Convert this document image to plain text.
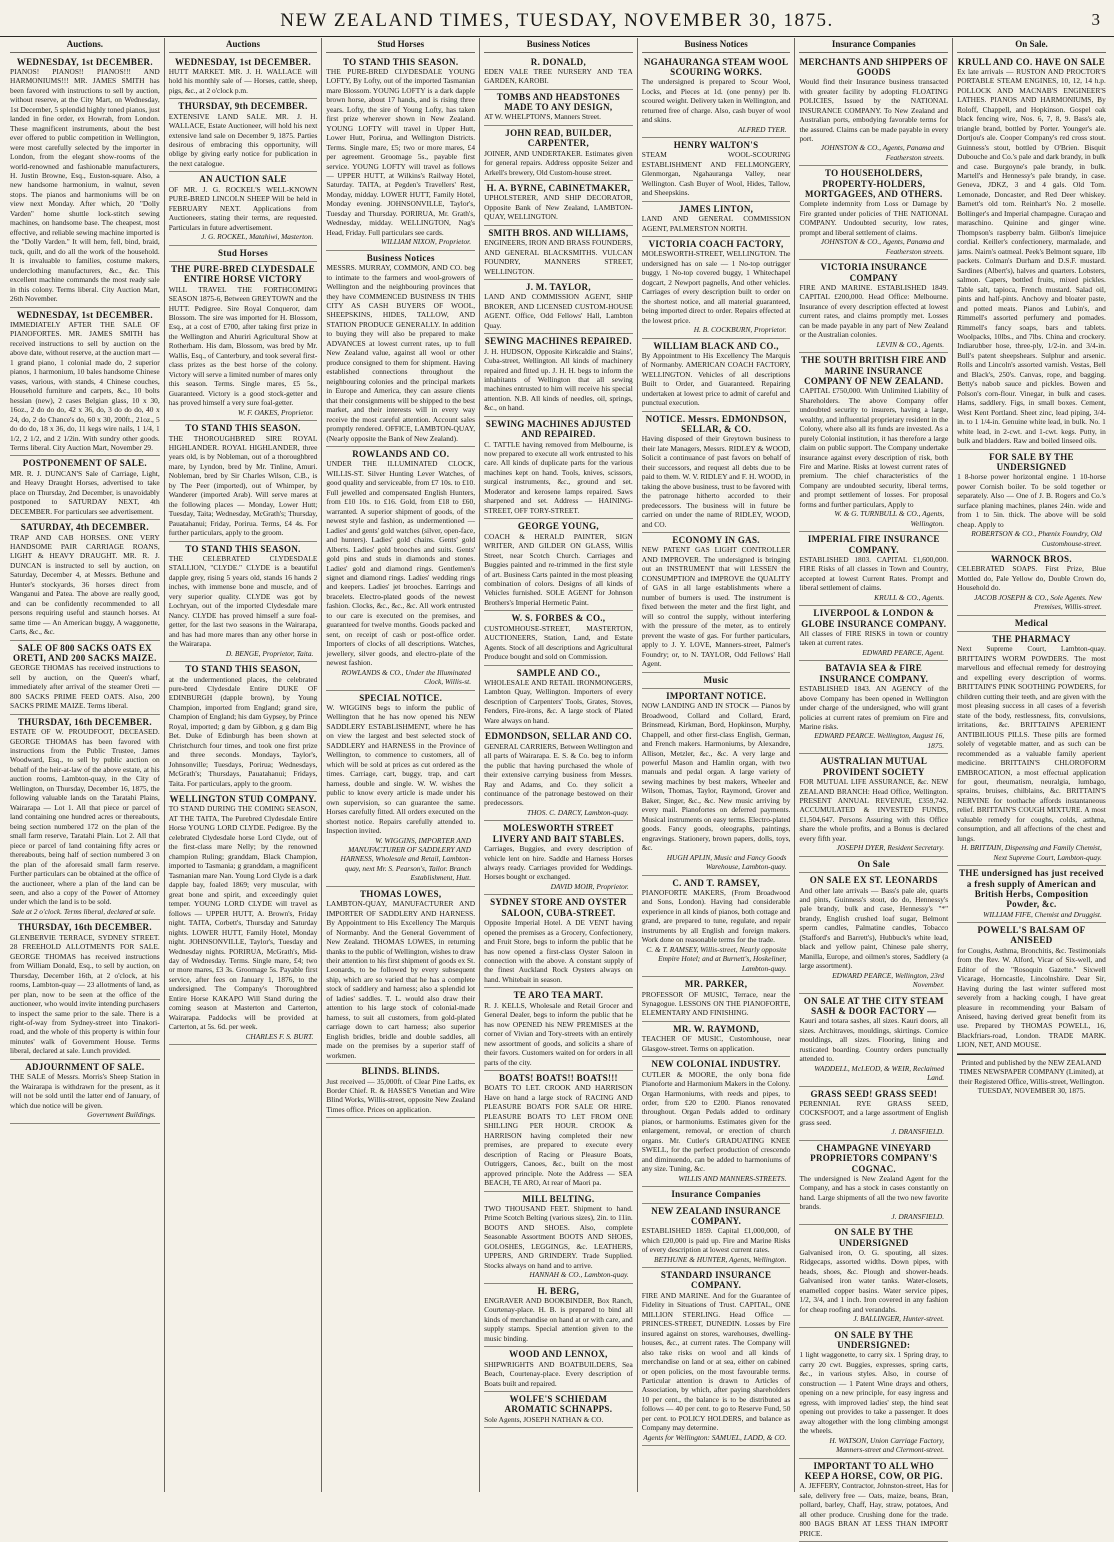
NEW ZEALAND TIMES, TUESDAY, NOVEMBER 30, 1875.	3
Auctions.
WEDNESDAY, 1st DECEMBER.
PIANOS! PIANOS!! PIANOS!!! AND HARMONIUMS!!! MR. JAMES SMITH has been favored with instructions to sell by auction, without reserve, at the City Mart, on Wednesday, 1st December, 5 splendid highly toned pianos, just landed in fine order, ex Howrah, from London. These magnificent instruments, about the best ever offered to public competition in Wellington, were most carefully selected by the importer in London, from the elegant show-rooms of the world-renowned and fashionable manufacturers, H. Justin Browne, Esq., Euston-square. Also, a new handsome harmonium, in walnut, seven stops. The pianos and harmoniums will be on view next Monday. After which, 20 "Dolly Varden" home shuttle lock-stitch sewing machines, on handsome base. The cheapest, most effective, and reliable sewing machine imported is the "Dolly Varden." It will hem, fell, bind, braid, tuck, quilt, and do all the work of the household. It is invaluable to families, costume makers, underclothing manufacturers, &c., &c. This excellent machine commands the most ready sale in this colony. Terms liberal. City Auction Mart, 26th November.
WEDNESDAY, 1st DECEMBER.
IMMEDIATELY AFTER THE SALE OF PIANOFORTES. MR. JAMES SMITH has received instructions to sell by auction on the above date, without reserve, at the auction mart — 1 grand piano, 1 colonial made do, 2 superior pianos, 1 harmonium, 10 bales handsome Chinese vases, various, with stands, 4 Chinese couches, Household furniture and carpets, &c., 10 bolts hessian (new), 2 cases Belgian glass, 10 x 30, 16oz., 2 do do do, 42 x 36, do, 3 do do do, 40 x 24, do, 2 do Chance's do, 60 x 30, 200ft., 21oz., 5 do do do, 18 x 36, do, 11 kegs wire nails, 1 1/4, 1 1/2, 2 1/2, and 2 1/2in. With sundry other goods. Terms liberal. City Auction Mart, November 29.
POSTPONEMENT OF SALE.
MR. R. J. DUNCAN'S Sale of Carriage, Light, and Heavy Draught Horses, advertised to take place on Thursday, 2nd December, is unavoidably postponed to SATURDAY NEXT, 4th DECEMBER. For particulars see advertisement.
SATURDAY, 4th DECEMBER.
TRAP AND CAB HORSES. ONE VERY HANDSOME PAIR CARRIAGE ROANS, LIGHT & HEAVY DRAUGHT. MR. R. J. DUNCAN is instructed to sell by auction, on Saturday, December 4, at Messrs. Bethune and Hunter's stockyards, 36 horses direct from Wanganui and Patea. The above are really good, and can be confidently recommended to all persons requiring useful and staunch horses. At same time — An American buggy, A waggonette, Carts, &c., &c.
SALE OF 800 SACKS OATS EX ORETI, AND 200 SACKS MAIZE.
GEORGE THOMAS has received instructions to sell by auction, on the Queen's wharf, immediately after arrival of the steamer Oreti — 800 SACKS PRIME FEED OATS. Also, 200 SACKS PRIME MAIZE. Terms liberal.
THURSDAY, 16th DECEMBER.
ESTATE OF W. PROUDFOOT, DECEASED. GEORGE THOMAS has been favored with instructions from the Public Trustee, James Woodward, Esq., to sell by public auction on behalf of the heir-at-law of the above estate, at his auction rooms, Lambton-quay, in the City of Wellington, on Thursday, December 16, 1875, the following valuable lands on the Taratahi Plains, Wairarapa — Lot 1. All that piece or parcel of land containing one hundred acres or thereabouts, being section numbered 172 on the plan of the small farm reserve, Taratahi Plain. Lot 2. All that piece or parcel of land containing fifty acres or thereabouts, being half of section numbered 3 on the plan of the aforesaid small farm reserve. Further particulars can be obtained at the office of the auctioneer, where a plan of the land can be seen, and also a copy of the Power of Attorney under which the land is to be sold.
Sale at 2 o'clock. Terms liberal, declared at sale.
THURSDAY, 16th DECEMBER.
GLENBERVIE TERRACE, SYDNEY STREET. 28 FREEHOLD ALLOTMENTS FOR SALE. GEORGE THOMAS has received instructions from William Donald, Esq., to sell by auction, on Thursday, December 16th, at 2 o'clock, at his rooms, Lambton-quay — 23 allotments of land, as per plan, now to be seen at the office of the auctioneer, who would invite intending purchasers to inspect the same prior to the sale. There is a right-of-way from Sydney-street into Tinakori-road, and the whole of this property is within four minutes' walk of Government House. Terms liberal, declared at sale. Lunch provided.
ADJOURNMENT OF SALE.
THE SALE of Messrs. Morris's Sheep Station in the Wairarapa is withdrawn for the present, as it will not be sold until the latter end of January, of which due notice will be given.
Government Buildings.
Auctions
WEDNESDAY, 1st DECEMBER.
HUTT MARKET. MR. J. H. WALLACE will hold his monthly sale of — Horses, cattle, sheep, pigs, &c., at 2 o'clock p.m.
THURSDAY, 9th DECEMBER.
EXTENSIVE LAND SALE. MR. J. H. WALLACE, Estate Auctioneer, will hold his next extensive land sale on December 9, 1875. Parties desirous of embracing this opportunity, will oblige by giving early notice for publication in the next catalogue.
AN AUCTION SALE
OF MR. J. G. ROCKEL'S WELL-KNOWN PURE-BRED LINCOLN SHEEP Will be held in FEBRUARY NEXT. Applications from Auctioneers, stating their terms, are requested. Particulars in future advertisement.
J. G. ROCKEL, Matahiwi, Masterton.
Stud Horses
THE PURE-BRED CLYDESDALE ENTIRE HORSE VICTORY
WILL TRAVEL THE FORTHCOMING SEASON 1875-6, Between GREYTOWN and the HUTT. Pedigree. Sire Royal Conqueror, dam Blossom. The sire was imported for H. Blossom, Esq., at a cost of £700, after taking first prize in the Wellington and Ahuriri Agricultural Show at Rotherham. His dam, Blossom, was bred by Mr. Wallis, Esq., of Canterbury, and took several first-class prizes as the best horse of the colony. Victory will serve a limited number of mares only this season. Terms. Single mares, £5 5s., Guaranteed. Victory is a good stock-getter and has proved himself a very sure foal-getter.
W. F. OAKES, Proprietor.
TO STAND THIS SEASON.
THE THOROUGHBRED SIRE ROYAL HIGHLANDER. ROYAL HIGHLANDER, three years old, is by Nobleman, out of a thoroughbred mare, by Lyndon, bred by Mr. Tinline, Amuri. Nobleman, bred by Sir Charles Wilson, C.B., is by The Peer (imported), out of Whimper, by Wanderer (imported Arab). Will serve mares at the following places — Monday, Lower Hutt; Tuesday, Taita; Wednesday, McGrath's; Thursday, Pauatahanui; Friday, Porirua. Terms, £4 4s. For further particulars, apply to the groom.
TO STAND THIS SEASON.
THE CELEBRATED CLYDESDALE STALLION, "CLYDE." CLYDE is a beautiful dapple grey, rising 5 years old, stands 16 hands 2 inches, with immense bone and muscle, and of very superior quality. CLYDE was got by Lochryan, out of the imported Clydesdale mare Nancy. CLYDE has proved himself a sure foal-getter, for the last two seasons in the Wairarapa, and has had more mares than any other horse in the Wairarapa.
D. BENGE, Proprietor, Taita.
TO STAND THIS SEASON,
at the undermentioned places, the celebrated pure-bred Clydesdale Entire DUKE OF EDINBURGH (dapple brown), by Young Champion, imported from England; grand sire, Champion of England; his dam Gypsey, by Prince Royal, imported; g dam by Gibbon, g g dam Big Bet. Duke of Edinburgh has been shown at Christchurch four times, and took one first prize and three seconds. Mondays, Taylor's, Johnsonville; Tuesdays, Porirua; Wednesdays, McGrath's; Thursdays, Pauatahanui; Fridays, Taita. For particulars, apply to the groom.
WELLINGTON STUD COMPANY.
TO STAND DURING THE COMING SEASON, AT THE TAITA, The Purebred Clydesdale Entire Horse YOUNG LORD CLYDE. Pedigree. By the celebrated Clydesdale horse Lord Clyde, out of the first-class mare Nelly; by the renowned champion Ruling; granddam, Black Champion, imported to Tasmania; g granddam, a magnificent Tasmanian mare Nan. Young Lord Clyde is a dark dapple bay, foaled 1869; very muscular, with great bone and spirit, and exceedingly quiet temper. YOUNG LORD CLYDE will travel as follows — UPPER HUTT, A. Brown's, Friday night. TAITA, Corbett's, Thursday and Saturday nights. LOWER HUTT, Family Hotel, Monday night. JOHNSONVILLE, Taylor's, Tuesday and Wednesday nights. PORIRUA, McGrath's, Mid-day of Wednesday. Terms. Single mare, £4; two or more mares, £3 3s. Groomage 5s. Payable first service, after fees on January 1, 1876, to the undersigned. The Company's Thoroughbred Entire Horse KAKAPO Will Stand during the coming season at Masterton and Carterton, Wairarapa. Paddocks will be provided at Carterton, at 5s. 6d. per week.
CHARLES F. S. BURT.
Stud Horses
TO STAND THIS SEASON.
THE PURE-BRED CLYDESDALE YOUNG LOFTY, By Lofty, out of the imported Tasmanian mare Blossom. YOUNG LOFTY is a dark dapple brown horse, about 17 hands, and is rising three years. Lofty, the sire of Young Lofty, has taken first prize wherever shown in New Zealand. YOUNG LOFTY will travel in Upper Hutt, Lower Hutt, Porirua, and Wellington Districts. Terms. Single mare, £5; two or more mares, £4 per agreement. Groomage 5s., payable first service. YOUNG LOFTY will travel as follows — UPPER HUTT, at Wilkins's Railway Hotel, Saturday. TAITA, at Pegden's Travellers' Rest, Monday, midday. LOWER HUTT, Family Hotel, Monday evening. JOHNSONVILLE, Taylor's, Tuesday and Thursday. PORIRUA, Mr. Grath's, Wednesday, midday. WELLINGTON, Nag's Head, Friday. Full particulars see cards.
WILLIAM NIXON, Proprietor.
Business Notices
MESSRS. MURRAY, COMMON, AND CO. beg to intimate to the farmers and wool-growers of Wellington and the neighbouring provinces that they have COMMENCED BUSINESS IN THIS CITY AS CASH BUYERS OF WOOL, SHEEPSKINS, HIDES, TALLOW, AND STATION PRODUCE GENERALLY. In addition to buying they will also be prepared to make ADVANCES at lowest current rates, up to full New Zealand value, against all wool or other produce consigned to them for shipment. Having established connections throughout the neighbouring colonies and the principal markets in Europe and America, they can assure clients that their consignments will be shipped to the best market, and their interests will in every way receive the most careful attention. Account sales promptly rendered. OFFICE, LAMBTON-QUAY, (Nearly opposite the Bank of New Zealand).
ROWLANDS AND CO.
UNDER THE ILLUMINATED CLOCK, WILLIS-ST. Silver Hunting Lever Watches, of good quality and serviceable, from £7 10s. to £10. Full jewelled and compensated English Hunters, from £10 10s. to £16. Gold, from £18 to £60, warranted. A superior shipment of goods, of the newest style and fashion, as undermentioned — Ladies' and gents' gold watches (silver, open-face, and hunters). Ladies' gold chains. Gents' gold Alberts. Ladies' gold brooches and suits. Gents' gold pins and studs in diamonds and stones. Ladies' gold and diamond rings. Gentlemen's signet and diamond rings. Ladies' wedding rings and keepers. Ladies' jet brooches. Earrings and bracelets. Electro-plated goods of the newest fashion. Clocks, &c., &c., &c. All work entrusted to our care is executed on the premises, and guaranteed for twelve months. Goods packed and sent, on receipt of cash or post-office order. Importers of clocks of all descriptions. Watches, jewellery, silver goods, and electro-plate of the newest fashion.
ROWLANDS & CO., Under the Illuminated Clock, Willis-st.
SPECIAL NOTICE.
W. WIGGINS begs to inform the public of Wellington that he has now opened his NEW SADDLERY ESTABLISHMENT, where he has on view the largest and best selected stock of SADDLERY and HARNESS in the Province of Wellington, to commence to customers, all of which will be sold at prices as cut ordered as the times. Carriage, cart, buggy, trap, and cart harness, double and single. W. W. wishes the public to know every article is made under his own supervision, so can guarantee the same. Horses carefully fitted. All orders executed on the shortest notice. Repairs carefully attended to. Inspection invited.
W. WIGGINS, IMPORTER AND MANUFACTURER OF SADDLERY AND HARNESS, Wholesale and Retail, Lambton-quay, next Mr. S. Pearson's, Tailor. Branch Establishment, Hutt.
THOMAS LOWES,
LAMBTON-QUAY, MANUFACTURER AND IMPORTER OF SADDLERY AND HARNESS. By Appointment to His Excellency The Marquis of Normanby. And the General Government of New Zealand. THOMAS LOWES, in returning thanks to the public of Wellington, wishes to draw their attention to his first shipment of goods ex St. Leonards, to be followed by every subsequent ship, which are so varied that he has a complete stock of saddlery and harness; also a splendid lot of ladies' saddles. T. L. would also draw their attention to his large stock of colonial-made harness, to suit all customers, from gold-plated carriage down to cart harness; also superior English bridles, bridle and double saddles, all made on the premises by a superior staff of workmen.
BLINDS. BLINDS.
Just received — 35,000ft. of Clear Pine Laths, ex Border Chief. R. & HASSE'S Venetian and Wire Blind Works, Willis-street, opposite New Zealand Times office. Prices on application.
Business Notices
R. DONALD,
EDEN VALE TREE NURSERY AND TEA GARDEN, KAROBI.
TOMBS AND HEADSTONES MADE TO ANY DESIGN,
AT W. WHELPTON'S, Manners Street.
JOHN READ, BUILDER, CARPENTER,
JOINER, AND UNDERTAKER. Estimates given for general repairs. Address opposite Seizer and Arkell's brewery, Old Custom-house street.
H. A. BYRNE, CABINETMAKER,
UPHOLSTERER, AND SHIP DECORATOR, Opposite Bank of New Zealand, LAMBTON-QUAY, WELLINGTON.
SMITH BROS. AND WILLIAMS,
ENGINEERS, IRON AND BRASS FOUNDERS, AND GENERAL BLACKSMITHS. VULCAN FOUNDRY, MANNERS STREET, WELLINGTON.
J. M. TAYLOR,
LAND AND COMMISSION AGENT, SHIP BROKER, AND LICENSED CUSTOM-HOUSE AGENT. Office, Odd Fellows' Hall, Lambton Quay.
SEWING MACHINES REPAIRED.
J. H. HUDSON, Opposite Kirkcaldie and Stains', Cuba-street, Wellington. All kinds of machinery repaired and fitted up. J. H. H. begs to inform the inhabitants of Wellington that all sewing machines entrusted to him will receive his special attention. N.B. All kinds of needles, oil, springs, &c., on hand.
SEWING MACHINES ADJUSTED AND REPAIRED.
C. TATTLE having removed from Melbourne, is now prepared to execute all work entrusted to his care. All kinds of duplicate parts for the various machines kept on hand. Tools, knives, scissors, surgical instruments, &c., ground and set. Moderator and kerosene lamps repaired. Saws sharpened and set. Address — HAINING-STREET, OFF TORY-STREET.
GEORGE YOUNG,
COACH & HERALD PAINTER, SIGN WRITER, AND GILDER ON GLASS, Willis Street, near Scotch Church. Carriages and Buggies painted and re-trimmed in the first style of art. Business Carts painted in the most pleasing combination of colors. Designs of all kinds of Vehicles furnished. SOLE AGENT for Johnson Brothers's Imperial Hermetic Paint.
W. S. FORBES & CO.,
CUSTOMHOUSE-STREET, MASTERTON, AUCTIONEERS, Station, Land, and Estate Agents. Stock of all descriptions and Agricultural Produce bought and sold on Commission.
SAMPLE AND CO.,
WHOLESALE AND RETAIL IRONMONGERS, Lambton Quay, Wellington. Importers of every description of Carpenters' Tools, Grates, Stoves, Fenders, Fire-irons, &c. A large stock of Plated Ware always on hand.
EDMONDSON, SELLAR AND CO.
GENERAL CARRIERS, Between Wellington and all parts of Wairarapa. E. S. & Co. beg to inform the public that having purchased the whole of their extensive carrying business from Messrs. Ray and Adams, and Co. they solicit a continuance of the patronage bestowed on their predecessors.
THOS. C. DARCY, Lambton-quay.
MOLESWORTH STREET LIVERY AND BAIT STABLES.
Carriages, Buggies, and every description of vehicle lent on hire. Saddle and Harness Horses always ready. Carriages provided for Weddings. Horses bought or exchanged.
DAVID MOIR, Proprietor.
SYDNEY STORE AND OYSTER SALOON, CUBA-STREET.
Opposite Imperial Hotel. A DE VENT having opened the premises as a Grocery, Confectionery, and Fruit Store, begs to inform the public that he has now opened a first-class Oyster Saloon in connection with the above. A constant supply of the finest Auckland Rock Oysters always on hand. Whitebait in season.
TE ARO TEA MART.
R. J. KELLS, Wholesale and Retail Grocer and General Dealer, begs to inform the public that he has now OPENED his NEW PREMISES at the corner of Vivian and Tory-streets with an entirely new assortment of goods, and solicits a share of their favors. Customers waited on for orders in all parts of the city.
BOATS! BOATS!! BOATS!!!
BOATS TO LET. CROOK AND HARRISON Have on hand a large stock of RACING AND PLEASURE BOATS FOR SALE OR HIRE. PLEASURE BOATS TO LET FROM ONE SHILLING PER HOUR. CROOK & HARRISON having completed their new premises, are prepared to execute every description of Racing or Pleasure Boats, Outriggers, Canoes, &c., built on the most approved principle. Note the Address — SEA BEACH, TE ARO, At rear of Maori pa.
MILL BELTING.
TWO THOUSAND FEET. Shipment to hand. Prime Scotch Belting (various sizes), 2in. to 11in. BOOTS AND SHOES. Also, complete Seasonable Assortment BOOTS AND SHOES, GOLOSHES, LEGGINGS, &c. LEATHERS, UPPERS, AND GRINDERY. Trade Supplied. Stocks always on hand and to arrive.
HANNAH & CO., Lambton-quay.
H. BERG,
ENGRAVER AND BOOKBINDER, Box Ranch, Courtenay-place. H. B. is prepared to bind all kinds of merchandise on hand at or with care, and supply stamps. Special attention given to the music binding.
WOOD AND LENNOX,
SHIPWRIGHTS AND BOATBUILDERS, Sea Beach, Courtenay-place. Every description of Boats built and repaired.
WOLFE'S SCHIEDAM AROMATIC SCHNAPPS.
Sole Agents, JOSEPH NATHAN & CO.
Business Notices
NGAHAURANGA STEAM WOOL SCOURING WORKS.
The undersigned is prepared to Scour Wool, Locks, and Pieces at 1d. (one penny) per lb. scoured weight. Delivery taken in Wellington, and returned free of charge. Also, cash buyer of wool and skins.
ALFRED TYER.
HENRY WALTON'S
STEAM WOOL-SCOURING ESTABLISHMENT AND FELLMONGERY, Glenmorgan, Ngahauranga Valley, near Wellington. Cash Buyer of Wool, Hides, Tallow, and Sheepskins.
JAMES LINTON,
LAND AND GENERAL COMMISSION AGENT, PALMERSTON NORTH.
VICTORIA COACH FACTORY,
MOLESWORTH-STREET, WELLINGTON. The undersigned has on sale — 1 No-top outrigger buggy, 1 No-top covered buggy, 1 Whitechapel dogcart, 2 Newport pagnells, And other vehicles. Carriages of every description built to order on the shortest notice, and all material guaranteed, being imported direct to order. Repairs effected at the lowest price.
H. B. COCKBURN, Proprietor.
WILLIAM BLACK AND CO.,
By Appointment to His Excellency The Marquis of Normanby. AMERICAN COACH FACTORY, WELLINGTON. Vehicles of all descriptions Built to Order, and Guaranteed. Repairing undertaken at lowest price to admit of careful and punctual execution.
NOTICE. Messrs. EDMONDSON, SELLAR, & CO.
Having disposed of their Greytown business to their late Managers, Messrs. RIDLEY & WOOD, Solicit a continuance of past favors on behalf of their successors, and request all debts due to be paid to them. W. V. RIDLEY and F. H. WOOD, in taking the above business, trust to be favored with the patronage hitherto accorded to their predecessors. The business will in future be carried on under the name of RIDLEY, WOOD, and CO.
ECONOMY IN GAS.
NEW PATENT GAS LIGHT CONTROLLER AND IMPROVER. The undersigned is bringing out an INSTRUMENT that will LESSEN the CONSUMPTION and IMPROVE the QUALITY of GAS in all large establishments where a number of burners is used. The instrument is fixed between the meter and the first light, and will so control the supply, without interfering with the pressure of the meter, as to entirely prevent the waste of gas. For further particulars, apply to J. Y. LOVE, Manners-street, Palmer's Foundry; or, to N. TAYLOR, Odd Fellows' Hall Agent.
Music
IMPORTANT NOTICE.
NOW LANDING AND IN STOCK — Pianos by Broadwood, Collard and Collard, Erard, Brinsmead, Kirkman, Bord, Hopkinson, Murphy, Chappell, and other first-class English, German, and French makers. Harmoniums, by Alexandre, Allison, Metzler, &c., &c. A very large and powerful Mason and Hamlin organ, with two manuals and pedal organ. A large variety of sewing machines by best makers, Wheeler and Wilson, Thomas, Taylor, Raymond, Grover and Baker, Singer, &c., &c. New music arriving by every mail. Pianofortes on deferred payments. Musical instruments on easy terms. Electro-plated goods. Fancy goods, oleographs, paintings, engravings. Stationery, brown papers, dolls, toys, &c.
HUGH APLIN, Music and Fancy Goods Warehouse, Lambton-quay.
C. AND T. RAMSEY,
PIANOFORTE MAKERS, (From Broadwood and Sons, London). Having had considerable experience in all kinds of pianos, both cottage and grand, are prepared to tune, regulate, and repair instruments by all English and foreign makers. Work done on reasonable terms for the trade.
C. & T. RAMSEY, Willis-street, Nearly opposite Empire Hotel; and at Burnett's, Hoskeliner, Lambton-quay.
MR. PARKER,
PROFESSOR OF MUSIC, Terrace, near the Synagogue. LESSONS ON THE PIANOFORTE, ELEMENTARY AND FINISHING.
MR. W. RAYMOND,
TEACHER OF MUSIC, Customhouse, near Glasgow-street. Terms on application.
NEW COLONIAL INDUSTRY.
CUTLER & MOORE, the only bona fide Pianoforte and Harmonium Makers in the Colony. Organ Harmoniums, with reeds and pipes, to order, from £20 to £200. Pianos renovated throughout. Organ Pedals added to ordinary pianos, or harmoniums. Estimates given for the enlargement, removal, or erection of church organs. Mr. Cutler's GRADUATING KNEE SWELL, for the perfect production of crescendo and diminuendo, can be added to harmoniums of any size. Tuning, &c.
WILLIS AND MANNERS-STREETS.
Insurance Companies
NEW ZEALAND INSURANCE COMPANY.
ESTABLISHED 1859. Capital £1,000,000, of which £20,000 is paid up. Fire and Marine Risks of every description at lowest current rates.
BETHUNE & HUNTER, Agents, Wellington.
STANDARD INSURANCE COMPANY.
FIRE AND MARINE. And for the Guarantee of Fidelity in Situations of Trust. CAPITAL, ONE MILLION STERLING. Head Office — PRINCES-STREET, DUNEDIN. Losses by Fire insured against on stores, warehouses, dwelling-houses, &c., at current rates. The Company will also take risks on wool and all kinds of merchandise on land or at sea, either on cabined or open policies, on the most favourable terms. Particular attention is drawn to Articles of Association, by which, after paying shareholders 10 per cent., the balance is to be distributed as follows — 40 per cent. to go to Reserve Fund, 50 per cent. to POLICY HOLDERS, and balance as Company may determine.
Agents for Wellington: SAMUEL, LADD, & CO.
Insurance Companies
MERCHANTS AND SHIPPERS OF GOODS
Would find their Insurance business transacted with greater facility by adopting FLOATING POLICIES, Issued by the NATIONAL INSURANCE COMPANY. To New Zealand and Australian ports, embodying favorable terms for the assured. Claims can be made payable in every port.
JOHNSTON & CO., Agents, Panama and Featherston streets.
TO HOUSEHOLDERS, PROPERTY-HOLDERS, MORTGAGEES, AND OTHERS.
Complete indemnity from Loss or Damage by Fire granted under policies of THE NATIONAL COMPANY. Undoubted security, low rates, prompt and liberal settlement of claims.
JOHNSTON & CO., Agents, Panama and Featherston streets.
VICTORIA INSURANCE COMPANY
FIRE AND MARINE. ESTABLISHED 1849. CAPITAL £200,000. Head Office: Melbourne. Insurance of every description effected at lowest current rates, and claims promptly met. Losses can be made payable in any part of New Zealand or the Australian colonies.
LEVIN & CO., Agents.
THE SOUTH BRITISH FIRE AND MARINE INSURANCE COMPANY OF NEW ZEALAND.
CAPITAL £750,000. With Unlimited Liability of Shareholders. The above Company offer undoubted security to insurers, having a large, wealthy, and influential proprietary resident in the Colony, where also all its funds are invested. As a purely Colonial institution, it has therefore a large claim on public support. The Company undertake insurance against every description of risk, both Fire and Marine. Risks at lowest current rates of premium. The chief characteristics of the Company are undoubted security, liberal terms, and prompt settlement of losses. For proposal forms and further particulars, Apply to
W. & G. TURNBULL & CO., Agents, Wellington.
IMPERIAL FIRE INSURANCE COMPANY.
ESTABLISHED 1803. CAPITAL £1,600,000. FIRE Risks of all classes in Town and Country, accepted at lowest Current Rates. Prompt and liberal settlement of claims.
KRULL & CO., Agents.
LIVERPOOL & LONDON & GLOBE INSURANCE COMPANY.
All classes of FIRE RISKS in town or country taken at current rates.
EDWARD PEARCE, Agent.
BATAVIA SEA & FIRE INSURANCE COMPANY.
ESTABLISHED 1843. AN AGENCY of the above Company has been opened in Wellington under charge of the undersigned, who will grant policies at current rates of premium on Fire and Marine risks.
EDWARD PEARCE. Wellington, August 16, 1875.
AUSTRALIAN MUTUAL PROVIDENT SOCIETY
FOR MUTUAL LIFE ASSURANCE, &c. NEW ZEALAND BRANCH: Head Office, Wellington. PRESENT ANNUAL REVENUE, £359,742. ACCUMULATED & INVESTED FUNDS, £1,504,647. Persons Assuring with this Office share the whole profits, and a Bonus is declared every fifth year.
JOSEPH DYER, Resident Secretary.
On Sale
ON SALE EX ST. LEONARDS
And other late arrivals — Bass's pale ale, quarts and pints, Guinness's stout, do do, Hennessy's pale brandy, bulk and case, Hennessy's "*" brandy, English crushed loaf sugar, Belmont sperm candles, Palmatine candles, Tobacco (Stafford's and Barrett's), Hubbuck's white lead, black and yellow paint, Chinese pale sherry, Manilla, Europe, and oilmen's stores, Saddlery (a large assortment).
EDWARD PEARCE, Wellington, 23rd November.
ON SALE AT THE CITY STEAM SASH & DOOR FACTORY —
Kauri and totara sashes, all sizes. Kauri doors, all sizes. Architraves, mouldings, skirtings. Cornice mouldings, all sizes. Flooring, lining and rusticated boarding. Country orders punctually attended to.
WADDELL, McLEOD, & WEIR, Reclaimed Land.
GRASS SEED! GRASS SEED!
PERENNIAL RYE GRASS SEED, COCKSFOOT, and a large assortment of English grass seed.
J. DRANSFIELD.
CHAMPAGNE VINEYARD PROPRIETORS COMPANY'S COGNAC.
The undersigned is New Zealand Agent for the Company, and has a stock in cases constantly on hand. Large shipments of all the two new favorite brands.
J. DRANSFIELD.
ON SALE BY THE UNDERSIGNED
Galvanised iron, O. G. spouting, all sizes. Ridgecaps, assorted widths. Down pipes, with heads, shoes, &c. Plough and shower-heads. Galvanised iron water tanks. Water-closets, enamelled copper basins. Water service pipes, 1/2, 3/4, and 1 inch. Iron covered in any fashion for cheap roofing and verandahs.
J. BALLINGER, Hunter-street.
ON SALE BY THE UNDERSIGNED:
1 light waggonette, to carry six. 1 Spring dray, to carry 20 cwt. Buggies, expresses, spring carts, &c., in various styles. Also, in course of construction — 1 Patent Wine drays and others, opening on a new principle, for easy ingress and egress, with improved ladies' step, the hind seat opening out provides to take a passenger. It does away altogether with the long climbing amongst the wheels.
H. WATSON, Union Carriage Factory, Manners-street and Clermont-street.
IMPORTANT TO ALL WHO KEEP A HORSE, COW, OR PIG.
A. JEFFERY, Contractor, Johnston-street, Has for sale, delivery free — Oats, maize, beans, Bran, pollard, barley, Chaff, Hay, straw, potatoes, And all other produce. Crushing done for the trade. 800 BAGS BRAN AT LESS THAN IMPORT PRICE.
On Sale.
KRULL AND CO. HAVE ON SALE
Ex late arrivals — RUSTON AND PROCTOR'S PORTABLE STEAM ENGINES, 10, 12, 14 h.p. POLLOCK AND MACNAB'S ENGINEER'S LATHES. PIANOS AND HARMONIUMS, By Roloff, Chappell, and Hopkinson. Gospel oak black fencing wire, Nos. 6, 7, 8, 9. Bass's ale, triangle brand, bottled by Porter. Younger's ale. Dortjou's ale. Cooper Company's red cross stout. Guinness's stout, bottled by O'Brien. Bisquit Dubouche and Co.'s pale and dark brandy, in bulk and case. Burgoyne's pale brandy, in bulk. Martell's and Hennessy's pale brandy, in case. Geneva, JDKZ, 3 and 4 gals. Old Tom. Lemonade, Doncaster, and Red Deer whiskey. Barnett's old tom. Reinhart's No. 2 moselle. Bollinger's and Imperial champagne. Curaçao and maraschino. Quinine and ginger wine. Thompson's raspberry balm. Gilbon's limejuice cordial. Keiller's confectionery, marmalade, and jams. Nairn's oatmeal. Peek's Belmont square, 1lb packets. Colman's Durham and D.S.F. mustard. Sardines (Albert's), halves and quarters. Lobsters, salmon. Capers, bottled fruits, mixed pickles. Table salt, tapioca, French mustard. Salad oil, pints and half-pints. Anchovy and bloater paste, and potted meats. Pianos and Lubin's, and Rimmell's assorted perfumery and pomades. Rimmell's fancy soaps, bars and tablets. Woolpacks, 10lbs., and 7lbs. China and crockery. Indiarubber hose, three-ply, 1/2-in. and 3/4-in. Bull's patent sheepshears. Sulphur and arsenic. Rolls and Lincoln's assorted varnish. Vestas, Bell and Black's, 250's. Canvas, rope, and bagging. Betty's nabob sauce and pickles. Bowen and Polson's corn-flour. Vinegar, in bulk and cases. Hams, saddlery. Figs, in small boxes. Cement, West Kent Portland. Sheet zinc, lead piping, 3/4-in. to 1 1/4-in. Genuine white lead, in bulk. No. 1 white lead, in 2-cwt. and 1-cwt. kegs. Putty, in bulk and bladders. Raw and boiled linseed oils.
FOR SALE BY THE UNDERSIGNED
1 8-horse power horizontal engine. 1 10-horse power Cornish boiler. To be sold together or separately. Also — One of J. B. Rogers and Co.'s surface planing machines, planes 24in. wide and from 1 to 5in. thick. The above will be sold cheap. Apply to
ROBERTSON & CO., Phœnix Foundry, Old Customhouse-street.
WARNOCK BROS.
CELEBRATED SOAPS. First Prize, Blue Mottled do, Pale Yellow do, Double Crown do, Household do.
JACOB JOSEPH & CO., Sole Agents. New Premises, Willis-street.
Medical
THE PHARMACY
Next Supreme Court, Lambton-quay. BRITTAIN'S WORM POWDERS. The most marvellous and effectual remedy for destroying and expelling every description of worms. BRITTAIN'S PINK SOOTHING POWDERS, for children cutting their teeth, and are given with the most pleasing success in all cases of a feverish state of the body, restlessness, fits, convulsions, irritations, &c. BRITTAIN'S APERIENT ANTIBILIOUS PILLS. These pills are formed solely of vegetable matter, and as such can be recommended as a valuable family aperient medicine. BRITTAIN'S CHLOROFORM EMBROCATION, a most effectual application for gout, rheumatism, neuralgia, lumbago, sprains, bruises, chilblains, &c. BRITTAIN'S NERVINE for toothache affords instantaneous relief. BRITTAIN'S COUGH MIXTURE. A most valuable remedy for coughs, colds, asthma, consumption, and all affections of the chest and lungs.
H. BRITTAIN, Dispensing and Family Chemist, Next Supreme Court, Lambton-quay.
THE undersigned has just received a fresh supply of American and British Herbs, Composition Powder, &c.
WILLIAM FIFE, Chemist and Druggist.
POWELL'S BALSAM OF ANISEED
for Coughs, Asthma, Bronchitis, &c. Testimonials from the Rev. W. Alford, Vicar of Six-well, and Editor of the "Rosoquin Gazette." Sixwell Vicarage, Horncastle, Lincolnshire. Dear Sir, Having during the last winter suffered most severely from a hacking cough, I have great pleasure in recommending your Balsam of Aniseed, having derived great benefit from its use. Prepared by THOMAS POWELL, 16, Blackfriars-road, London. TRADE MARK. LION, NET, AND MOUSE.
Printed and published by the NEW ZEALAND TIMES NEWSPAPER COMPANY (Limited), at their Registered Office, Willis-street, Wellington. TUESDAY, NOVEMBER 30, 1875.
